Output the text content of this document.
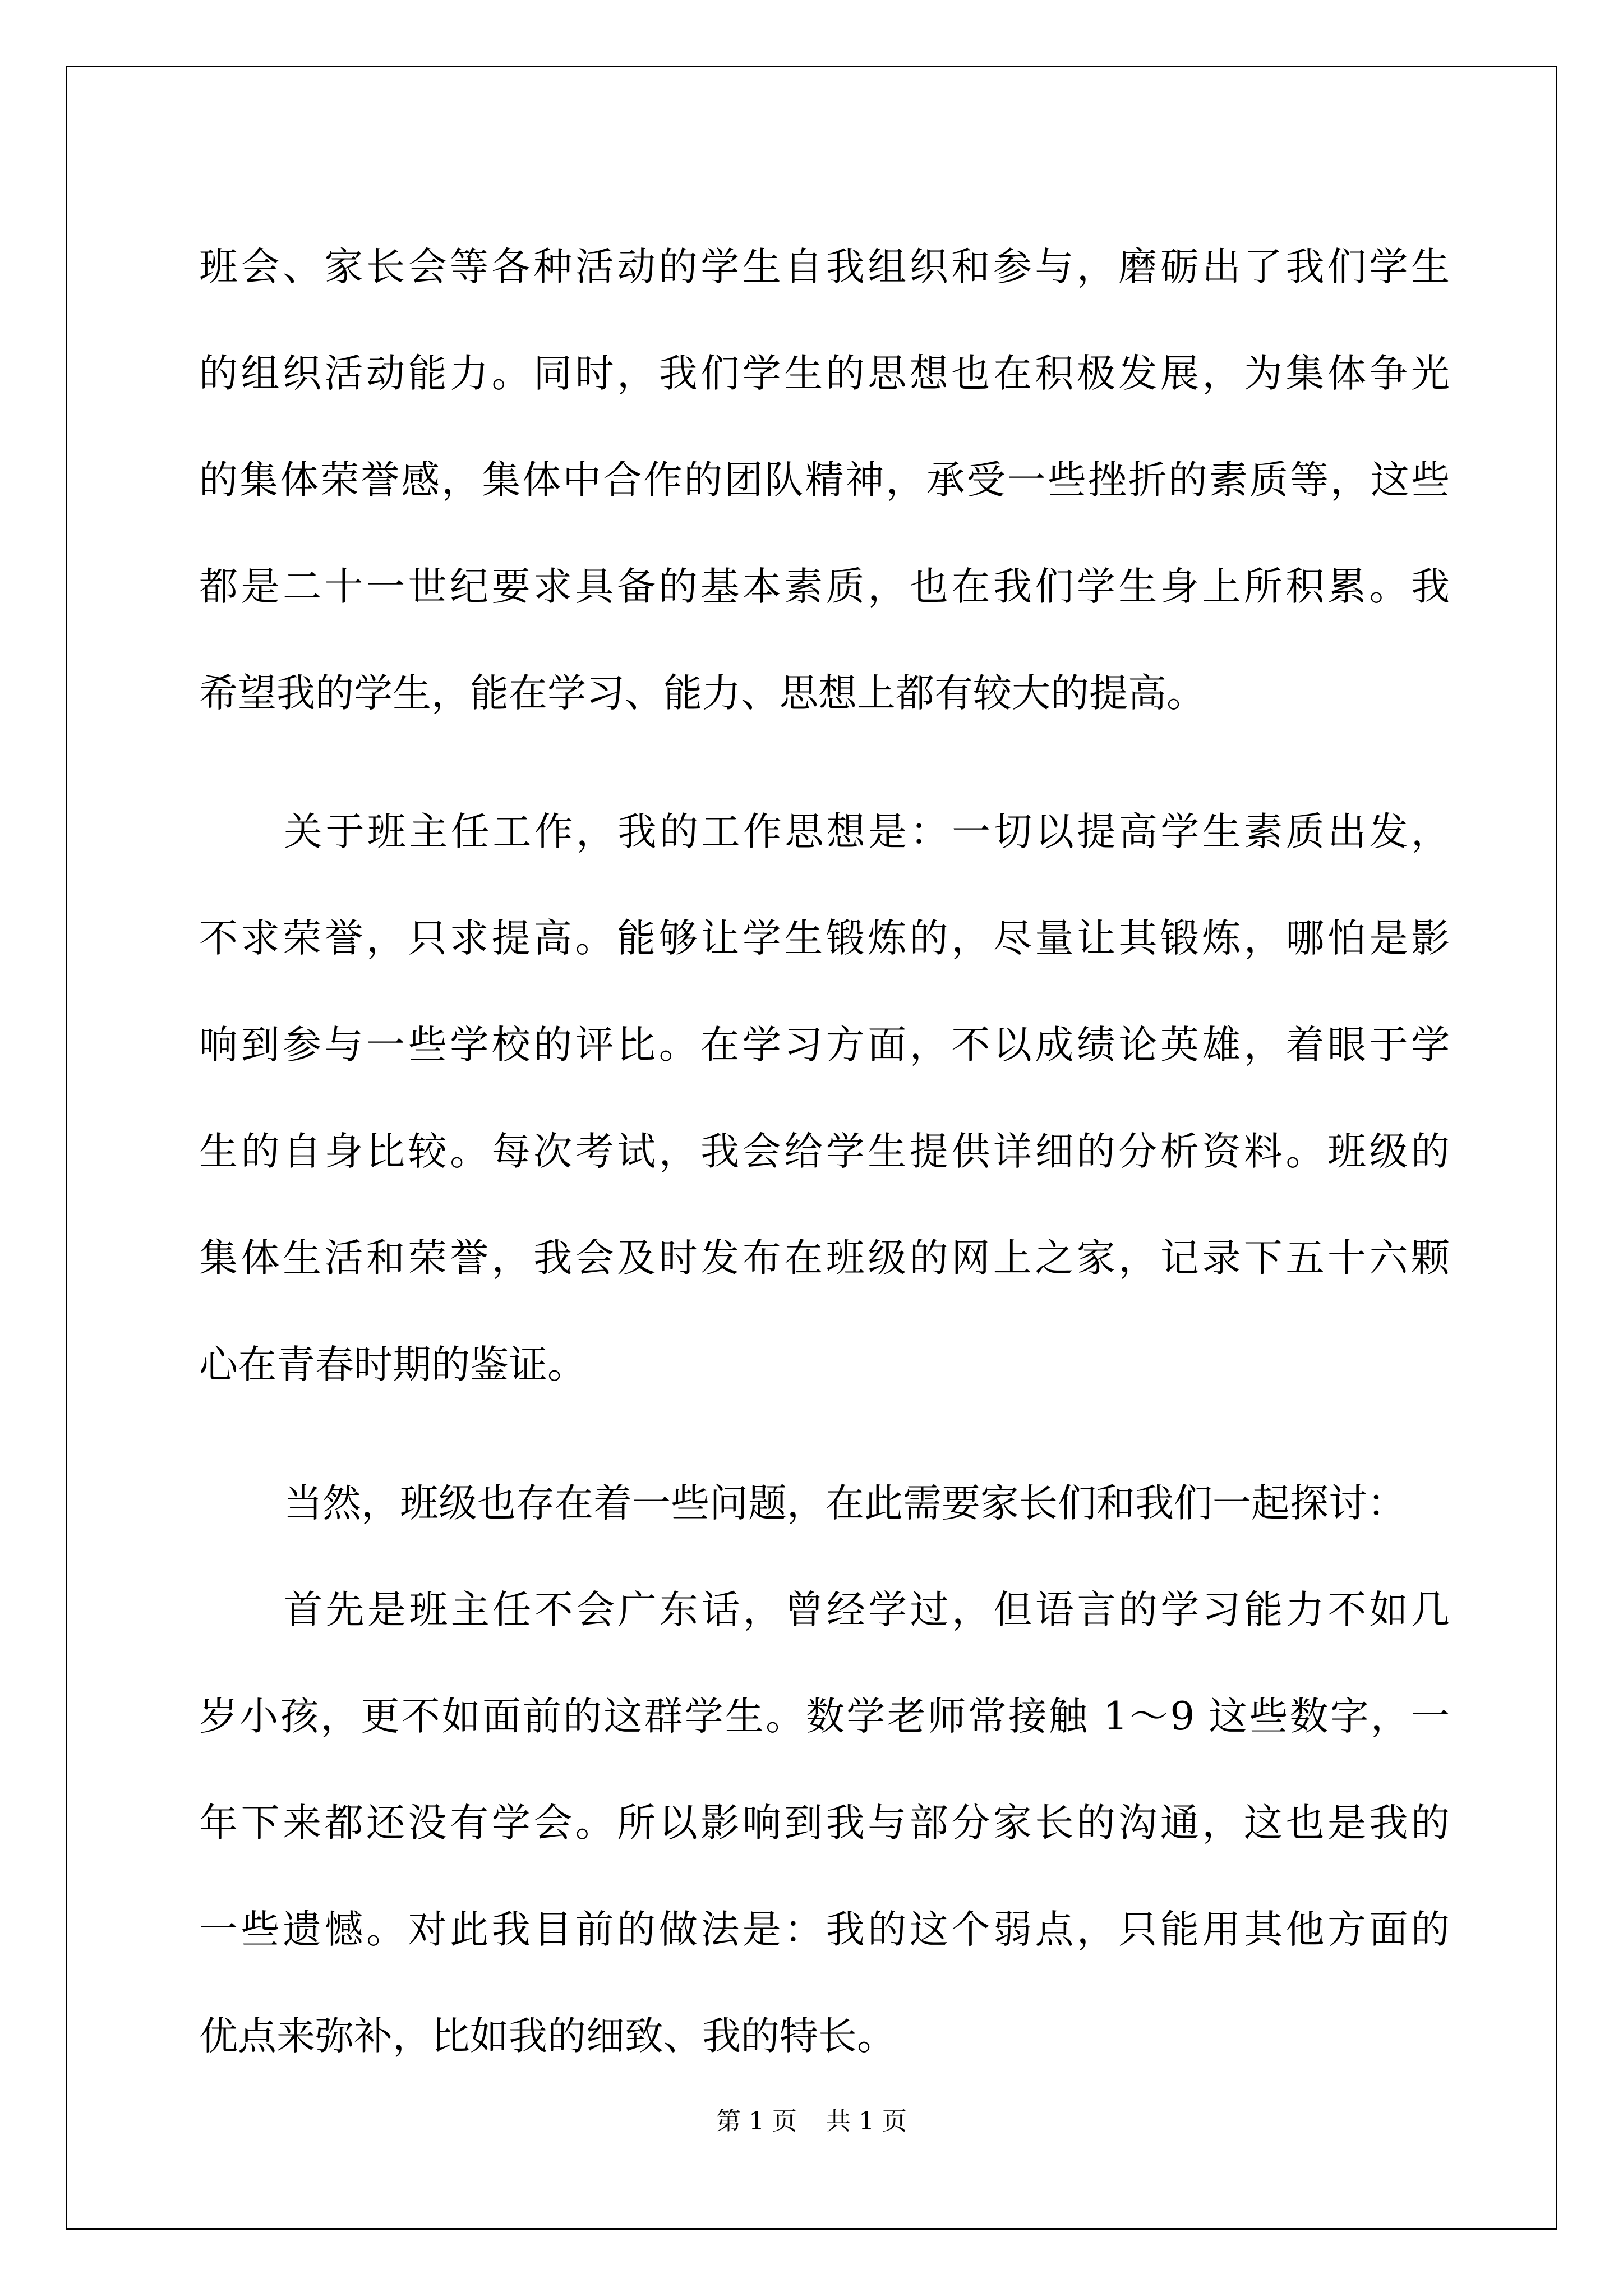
班会、家长会等各种活动的学生自我组织和参与，磨砺出了我们学生
的组织活动能力。同时，我们学生的思想也在积极发展，为集体争光
的集体荣誉感，集体中合作的团队精神，承受一些挫折的素质等，这些
都是二十一世纪要求具备的基本素质，也在我们学生身上所积累。我
希望我的学生，能在学习、能力、思想上都有较大的提高。
关于班主任工作，我的工作思想是：一切以提高学生素质出发，
不求荣誉，只求提高。能够让学生锻炼的，尽量让其锻炼，哪怕是影
响到参与一些学校的评比。在学习方面，不以成绩论英雄，着眼于学
生的自身比较。每次考试，我会给学生提供详细的分析资料。班级的
集体生活和荣誉，我会及时发布在班级的网上之家，记录下五十六颗
心在青春时期的鉴证。
当然，班级也存在着一些问题，在此需要家长们和我们一起探讨：
首先是班主任不会广东话，曾经学过，但语言的学习能力不如几
岁小孩，更不如面前的这群学生。数学老师常接触 1～9 这些数字，一
年下来都还没有学会。所以影响到我与部分家长的沟通，这也是我的
一些遗憾。对此我目前的做法是：我的这个弱点，只能用其他方面的
优点来弥补，比如我的细致、我的特长。
第 1 页 共 1 页
